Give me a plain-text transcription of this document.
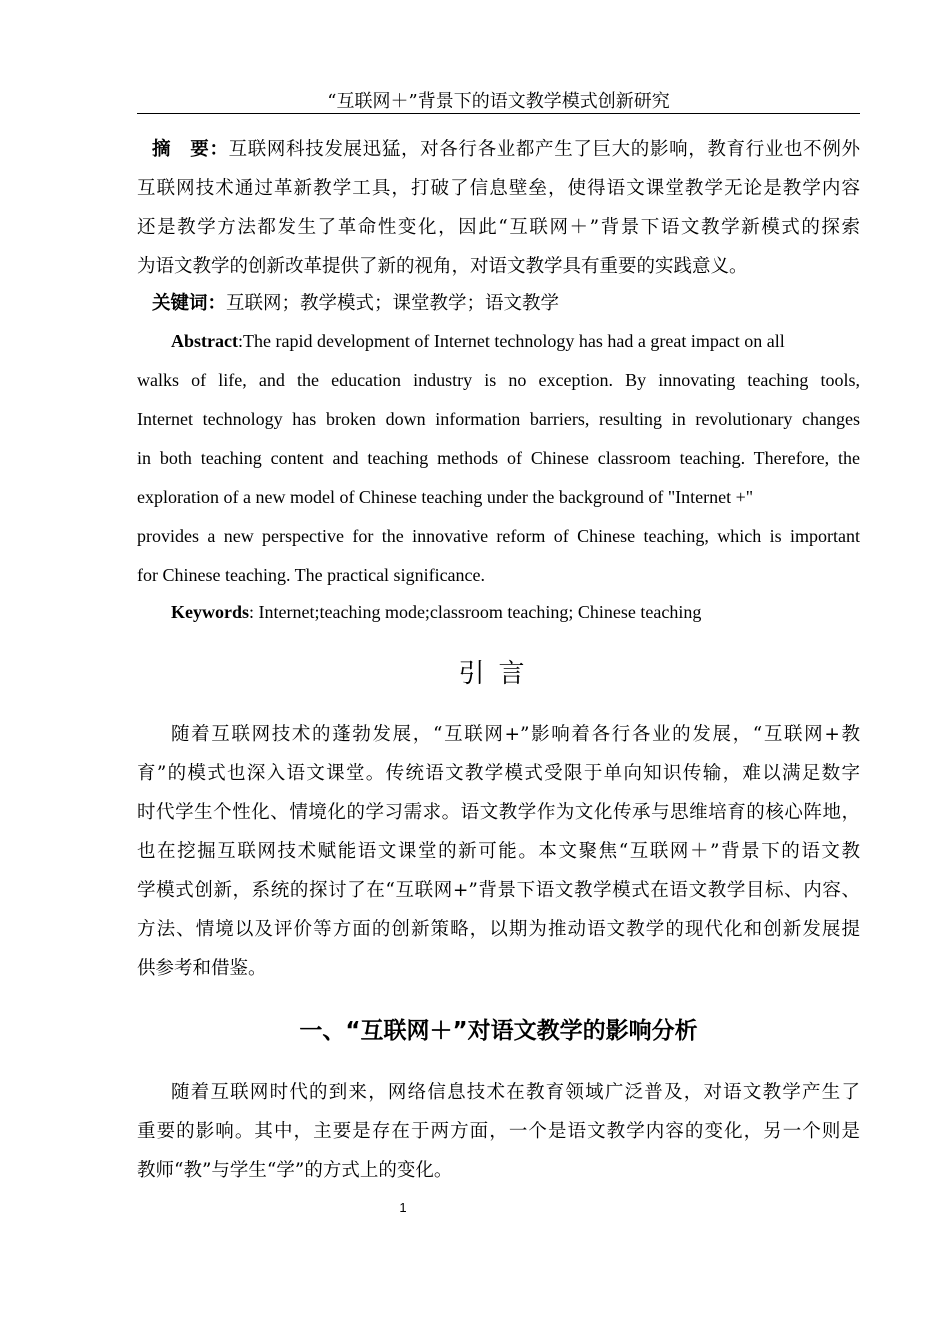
“互联网＋”背景下的语文教学模式创新研究
摘　要：互联网科技发展迅猛，对各行各业都产生了巨大的影响，教育行业也不例外
互联网技术通过革新教学工具，打破了信息壁垒，使得语文课堂教学无论是教学内容
还是教学方法都发生了革命性变化，因此“互联网＋”背景下语文教学新模式的探索
为语文教学的创新改革提供了新的视角，对语文教学具有重要的实践意义。
关键词：互联网；教学模式；课堂教学；语文教学
Abstract:The rapid development of Internet technology has had a great impact on all
walks of life, and the education industry is no exception. By innovating teaching tools,
Internet technology has broken down information barriers, resulting in revolutionary changes
in both teaching content and teaching methods of Chinese classroom teaching. Therefore, the
exploration of a new model of Chinese teaching under the background of "Internet +"
provides a new perspective for the innovative reform of Chinese teaching, which is important
for Chinese teaching. The practical significance.
Keywords: Internet;teaching mode;classroom teaching; Chinese teaching
随着互联网技术的蓬勃发展，“互联网+”影响着各行各业的发展，“互联网+教
育”的模式也深入语文课堂。传统语文教学模式受限于单向知识传输，难以满足数字
时代学生个性化、情境化的学习需求。语文教学作为文化传承与思维培育的核心阵地，
也在挖掘互联网技术赋能语文课堂的新可能。本文聚焦“互联网＋”背景下的语文教
学模式创新，系统的探讨了在“互联网+”背景下语文教学模式在语文教学目标、内容、
方法、情境以及评价等方面的创新策略，以期为推动语文教学的现代化和创新发展提
供参考和借鉴。
随着互联网时代的到来，网络信息技术在教育领域广泛普及，对语文教学产生了
重要的影响。其中，主要是存在于两方面，一个是语文教学内容的变化，另一个则是
教师“教”与学生“学”的方式上的变化。
引言
一、“互联网＋”对语文教学的影响分析
1
